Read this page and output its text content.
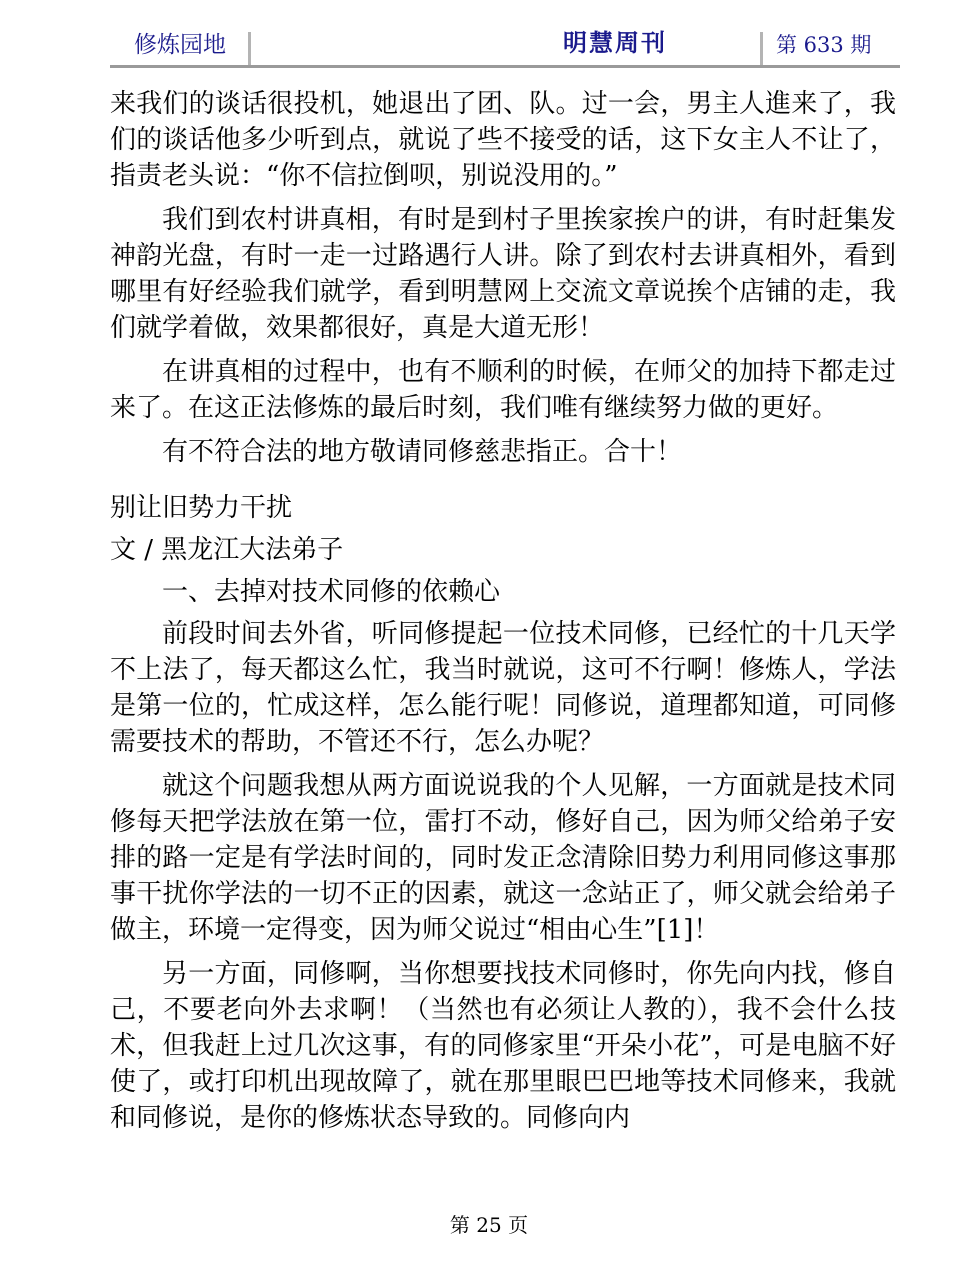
修炼园地	明慧周刊	第 633 期

来我们的谈话很投机，她退出了团、队。过一会，男主人進来了，我们的谈话他多少听到点，就说了些不接受的话，这下女主人不让了，指责老头说：“你不信拉倒呗，别说没用的。”

我们到农村讲真相，有时是到村子里挨家挨户的讲，有时赶集发神韵光盘，有时一走一过路遇行人讲。除了到农村去讲真相外，看到哪里有好经验我们就学，看到明慧网上交流文章说挨个店铺的走，我们就学着做，效果都很好，真是大道无形！

在讲真相的过程中，也有不顺利的时候，在师父的加持下都走过来了。在这正法修炼的最后时刻，我们唯有继续努力做的更好。

有不符合法的地方敬请同修慈悲指正。合十！

别让旧势力干扰

文 / 黑龙江大法弟子

一、去掉对技术同修的依赖心

前段时间去外省，听同修提起一位技术同修，已经忙的十几天学不上法了，每天都这么忙，我当时就说，这可不行啊！修炼人，学法是第一位的，忙成这样，怎么能行呢！同修说，道理都知道，可同修需要技术的帮助，不管还不行，怎么办呢？

就这个问题我想从两方面说说我的个人见解，一方面就是技术同修每天把学法放在第一位，雷打不动，修好自己，因为师父给弟子安排的路一定是有学法时间的，同时发正念清除旧势力利用同修这事那事干扰你学法的一切不正的因素，就这一念站正了，师父就会给弟子做主，环境一定得变，因为师父说过“相由心生”[1]！

另一方面，同修啊，当你想要找技术同修时，你先向内找，修自己，不要老向外去求啊！（当然也有必须让人教的），我不会什么技术，但我赶上过几次这事，有的同修家里“开朵小花”，可是电脑不好使了，或打印机出现故障了，就在那里眼巴巴地等技术同修来，我就和同修说，是你的修炼状态导致的。同修向内

第 25 页
